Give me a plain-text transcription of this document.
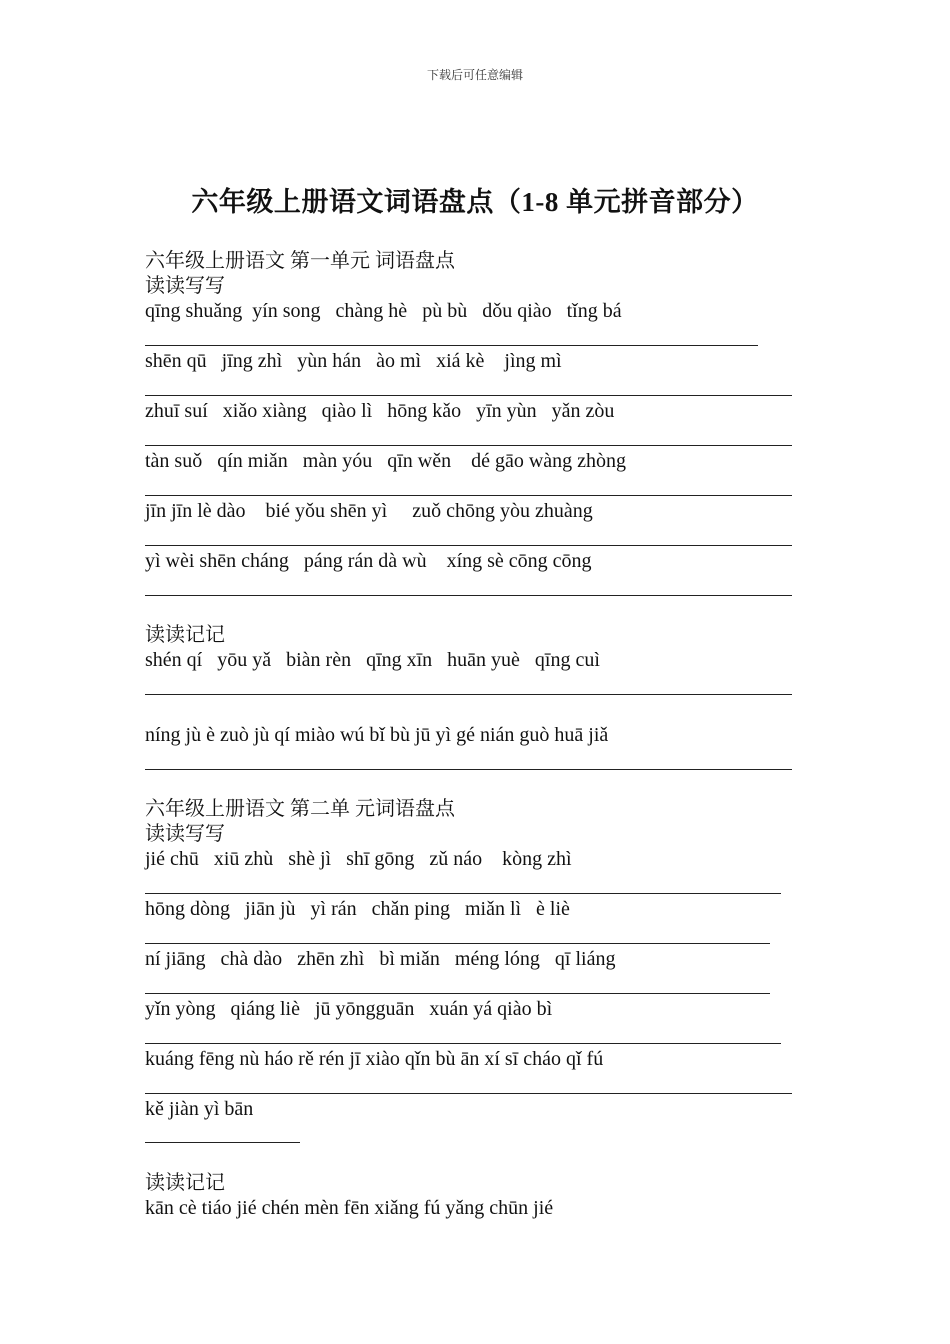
下载后可任意编辑
六年级上册语文词语盘点（1-8 单元拼音部分）
六年级上册语文 第一单元 词语盘点
读读写写
qīng shuǎng  yín song   chàng hè   pù bù   dǒu qiào   tǐng bá
shēn qū   jīng zhì   yùn hán   ào mì   xiá kè    jìng mì
zhuī suí   xiǎo xiàng   qiào lì   hōng kǎo   yīn yùn   yǎn zòu
tàn suǒ   qín miǎn   màn yóu   qīn wěn    dé gāo wàng zhòng
jīn jīn lè dào    bié yǒu shēn yì     zuǒ chōng yòu zhuàng
yì wèi shēn cháng   páng rán dà wù    xíng sè cōng cōng
读读记记
shén qí   yōu yǎ   biàn rèn   qīng xīn   huān yuè   qīng cuì
níng jù è zuò jù qí miào wú bǐ bù jū yì gé nián guò huā jiǎ
六年级上册语文 第二单 元词语盘点
读读写写
jié chū   xiū zhù   shè jì   shī gōng   zǔ náo    kòng zhì
hōng dòng   jiān jù   yì rán   chǎn ping   miǎn lì   è liè
ní jiāng   chà dào   zhēn zhì   bì miǎn   méng lóng   qī liáng
yǐn yòng   qiáng liè   jū yōngguān   xuán yá qiào bì
kuáng fēng nù háo rě rén jī xiào qǐn bù ān xí sī cháo qǐ fú
kě jiàn yì bān
读读记记
kān cè tiáo jié chén mèn fēn xiǎng fú yǎng chūn jié
